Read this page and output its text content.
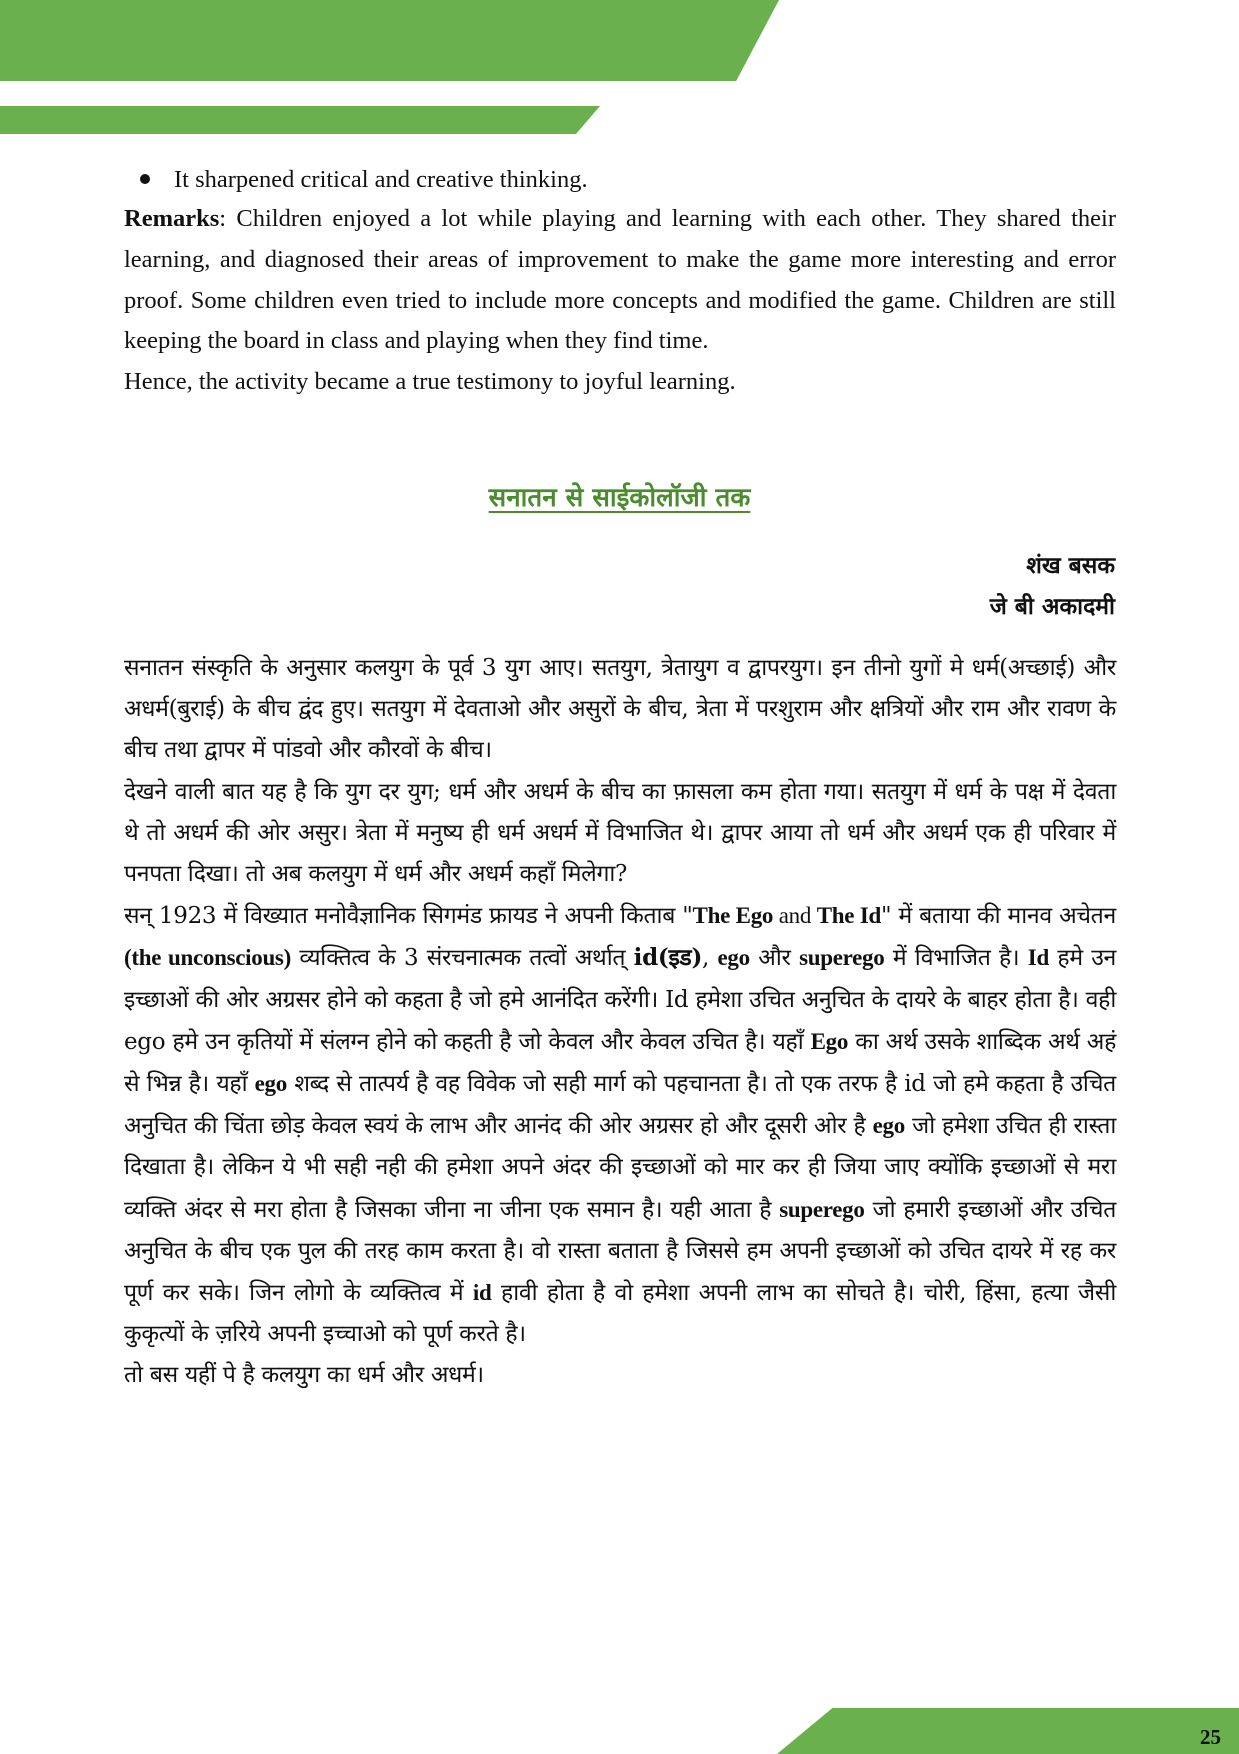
It sharpened critical and creative thinking.

Remarks: Children enjoyed a lot while playing and learning with each other. They shared their learning, and diagnosed their areas of improvement to make the game more interesting and error proof. Some children even tried to include more concepts and modified the game. Children are still keeping the board in class and playing when they find time.

Hence, the activity became a true testimony to joyful learning.

सनातन से साईकोलॉजी तक
शंख बसक
जे बी अकादमी

सनातन संस्कृति के अनुसार कलयुग के पूर्व 3 युग आए। सतयुग, त्रेतायुग व द्वापरयुग। इन तीनो युगों मे धर्म(अच्छाई) और अधर्म(बुराई) के बीच द्वंद हुए। सतयुग में देवताओ और असुरों के बीच, त्रेता में परशुराम और क्षत्रियों और राम और रावण के बीच तथा द्वापर में पांडवो और कौरवों के बीच।

देखने वाली बात यह है कि युग दर युग; धर्म और अधर्म के बीच का फ़ासला कम होता गया। सतयुग में धर्म के पक्ष में देवता थे तो अधर्म की ओर असुर। त्रेता में मनुष्य ही धर्म अधर्म में विभाजित थे। द्वापर आया तो धर्म और अधर्म एक ही परिवार में पनपता दिखा। तो अब कलयुग में धर्म और अधर्म कहाँ मिलेगा?

सन् 1923 में विख्यात मनोवैज्ञानिक सिगमंड फ्रायड ने अपनी किताब "The Ego and The Id" में बताया की मानव अचेतन (the unconscious) व्यक्तित्व के 3 संरचनात्मक तत्वों अर्थात् id(इड), ego और superego में विभाजित है। Id हमे उन इच्छाओं की ओर अग्रसर होने को कहता है जो हमे आनंदित करेंगी। Id हमेशा उचित अनुचित के दायरे के बाहर होता है। वही ego हमे उन कृतियों में संलग्न होने को कहती है जो केवल और केवल उचित है। यहाँ Ego का अर्थ उसके शाब्दिक अर्थ अहं से भिन्न है। यहाँ ego शब्द से तात्पर्य है वह विवेक जो सही मार्ग को पहचानता है। तो एक तरफ है id जो हमे कहता है उचित अनुचित की चिंता छोड़ केवल स्वयं के लाभ और आनंद की ओर अग्रसर हो और दूसरी ओर है ego जो हमेशा उचित ही रास्ता दिखाता है। लेकिन ये भी सही नही की हमेशा अपने अंदर की इच्छाओं को मार कर ही जिया जाए क्योंकि इच्छाओं से मरा व्यक्ति अंदर से मरा होता है जिसका जीना ना जीना एक समान है। यही आता है superego जो हमारी इच्छाओं और उचित अनुचित के बीच एक पुल की तरह काम करता है। वो रास्ता बताता है जिससे हम अपनी इच्छाओं को उचित दायरे में रह कर पूर्ण कर सके। जिन लोगो के व्यक्तित्व में id हावी होता है वो हमेशा अपनी लाभ का सोचते है। चोरी, हिंसा, हत्या जैसी कुकृत्यों के ज़रिये अपनी इच्चाओ को पूर्ण करते है।

तो बस यहीं पे है कलयुग का धर्म और अधर्म।

25
